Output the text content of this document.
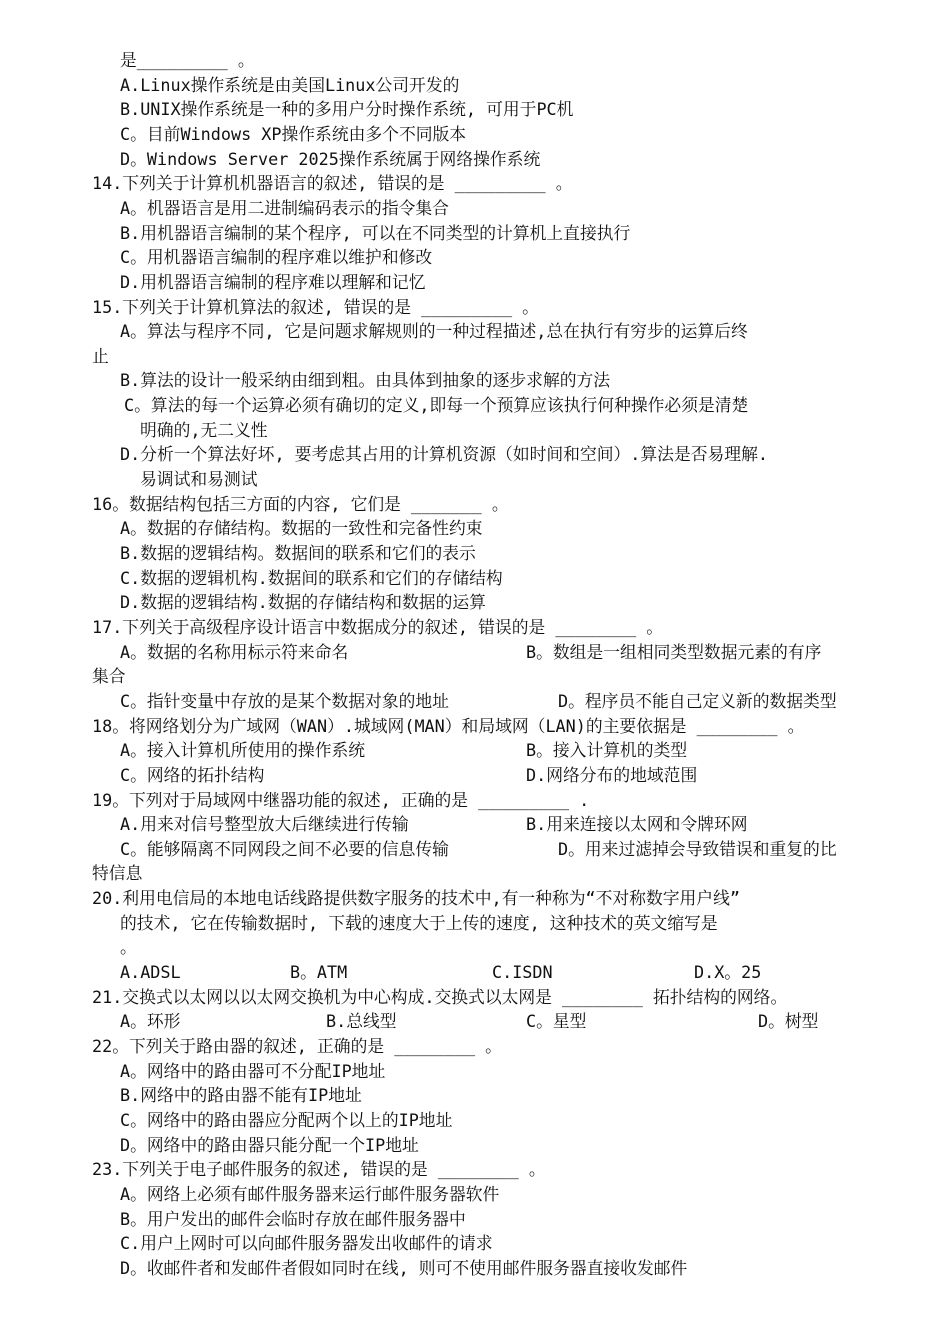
是_________ 。
A.Linux操作系统是由美国Linux公司开发的
B.UNIX操作系统是一种的多用户分时操作系统, 可用于PC机
C。目前Windows XP操作系统由多个不同版本
D。Windows Server 2025操作系统属于网络操作系统
14.下列关于计算机机器语言的叙述, 错误的是 _________ 。
A。机器语言是用二进制编码表示的指令集合
B.用机器语言编制的某个程序, 可以在不同类型的计算机上直接执行
C。用机器语言编制的程序难以维护和修改
D.用机器语言编制的程序难以理解和记忆
15.下列关于计算机算法的叙述, 错误的是 _________ 。
A。算法与程序不同, 它是问题求解规则的一种过程描述,总在执行有穷步的运算后终
止
B.算法的设计一般采纳由细到粗。由具体到抽象的逐步求解的方法
C。算法的每一个运算必须有确切的定义,即每一个预算应该执行何种操作必须是清楚
明确的,无二义性
D.分析一个算法好坏, 要考虑其占用的计算机资源（如时间和空间）.算法是否易理解.
易调试和易测试
16。数据结构包括三方面的内容, 它们是 _______ 。
A。数据的存储结构。数据的一致性和完备性约束
B.数据的逻辑结构。数据间的联系和它们的表示
C.数据的逻辑机构.数据间的联系和它们的存储结构
D.数据的逻辑结构.数据的存储结构和数据的运算
17.下列关于高级程序设计语言中数据成分的叙述, 错误的是 ________ 。
A。数据的名称用标示符来命名	B。数组是一组相同类型数据元素的有序
集合
C。指针变量中存放的是某个数据对象的地址	D。程序员不能自己定义新的数据类型
18。将网络划分为广域网（WAN）.城域网(MAN）和局域网（LAN)的主要依据是 ________ 。
A。接入计算机所使用的操作系统	B。接入计算机的类型
C。网络的拓扑结构	D.网络分布的地域范围
19。下列对于局域网中继器功能的叙述, 正确的是 _________ .
A.用来对信号整型放大后继续进行传输	B.用来连接以太网和令牌环网
C。能够隔离不同网段之间不必要的信息传输	D。用来过滤掉会导致错误和重复的比
特信息
20.利用电信局的本地电话线路提供数字服务的技术中,有一种称为“不对称数字用户线”
的技术, 它在传输数据时, 下载的速度大于上传的速度, 这种技术的英文缩写是
。
A.ADSL	B。ATM	C.ISDN	D.X。25
21.交换式以太网以以太网交换机为中心构成.交换式以太网是 ________ 拓扑结构的网络。
A。环形	B.总线型	C。星型	D。树型
22。下列关于路由器的叙述, 正确的是 ________ 。
A。网络中的路由器可不分配IP地址
B.网络中的路由器不能有IP地址
C。网络中的路由器应分配两个以上的IP地址
D。网络中的路由器只能分配一个IP地址
23.下列关于电子邮件服务的叙述, 错误的是 ________ 。
A。网络上必须有邮件服务器来运行邮件服务器软件
B。用户发出的邮件会临时存放在邮件服务器中
C.用户上网时可以向邮件服务器发出收邮件的请求
D。收邮件者和发邮件者假如同时在线, 则可不使用邮件服务器直接收发邮件
